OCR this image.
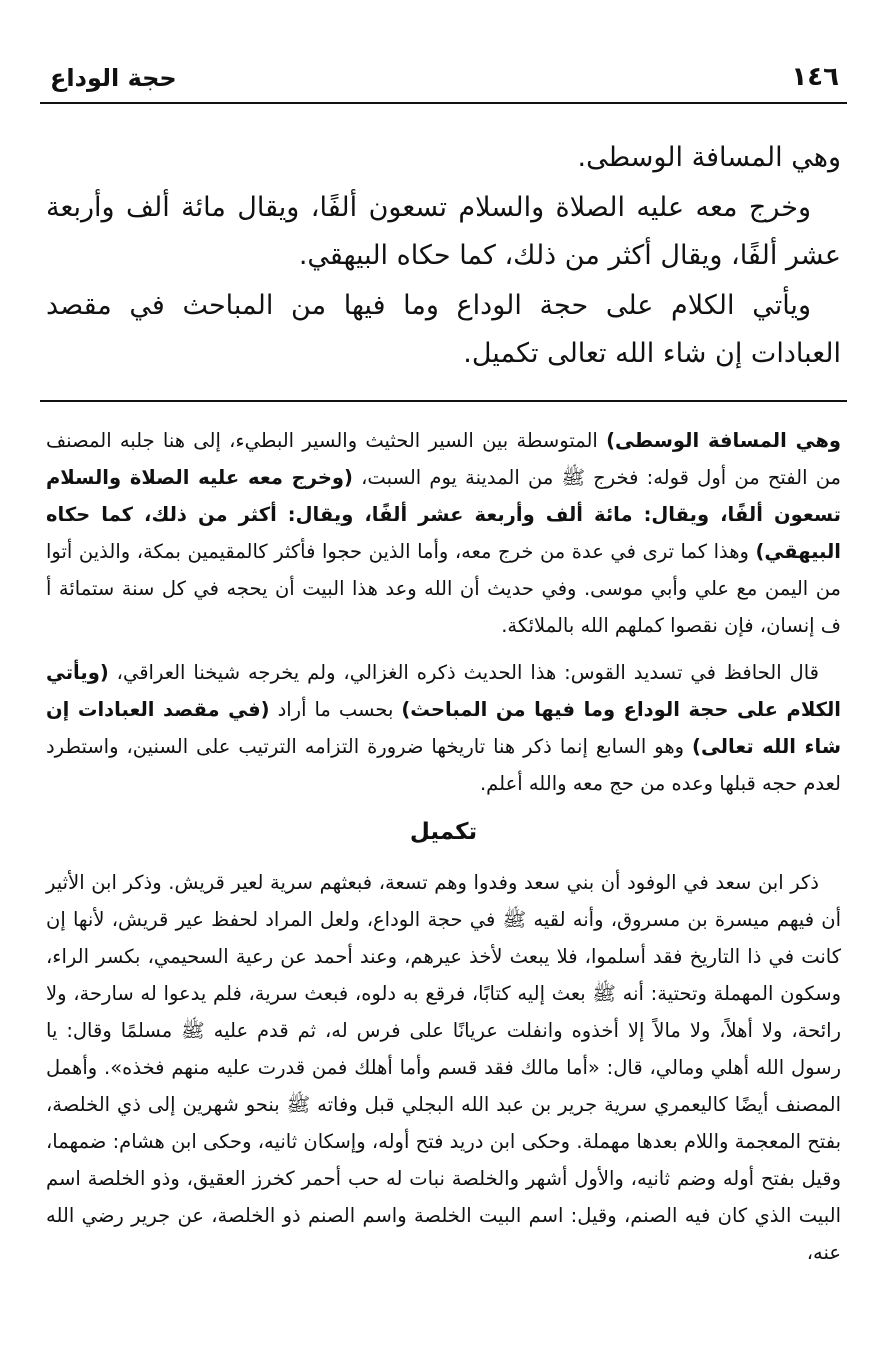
١٤٦
حجة الوداع

وهي المسافة الوسطى.

وخرج معه عليه الصلاة والسلام تسعون ألفًا، ويقال مائة ألف وأربعة عشر ألفًا، ويقال أكثر من ذلك، كما حكاه البيهقي.

ويأتي الكلام على حجة الوداع وما فيها من المباحث في مقصد العبادات إن شاء الله تعالى تكميل.

وهي المسافة الوسطى) المتوسطة بين السير الحثيث والسير البطيء، إلى هنا جلبه المصنف من الفتح من أول قوله: فخرج ﷺ من المدينة يوم السبت، (وخرج معه عليه الصلاة والسلام تسعون ألفًا، ويقال: مائة ألف وأربعة عشر ألفًا، ويقال: أكثر من ذلك، كما حكاه البيهقي) وهذا كما ترى في عدة من خرج معه، وأما الذين حجوا فأكثر كالمقيمين بمكة، والذين أتوا من اليمن مع علي وأبي موسى. وفي حديث أن الله وعد هذا البيت أن يحجه في كل سنة ستمائة أ ف إنسان، فإن نقصوا كملهم الله بالملائكة.

قال الحافظ في تسديد القوس: هذا الحديث ذكره الغزالي، ولم يخرجه شيخنا العراقي، (ويأتي الكلام على حجة الوداع وما فيها من المباحث) بحسب ما أراد (في مقصد العبادات إن شاء الله تعالى) وهو السابع إنما ذكر هنا تاريخها ضرورة التزامه الترتيب على السنين، واستطرد لعدم حجه قبلها وعده من حج معه والله أعلم.

تكميل

ذكر ابن سعد في الوفود أن بني سعد وفدوا وهم تسعة، فبعثهم سرية لعير قريش. وذكر ابن الأثير أن فيهم ميسرة بن مسروق، وأنه لقيه ﷺ في حجة الوداع، ولعل المراد لحفظ عير قريش، لأنها إن كانت في ذا التاريخ فقد أسلموا، فلا يبعث لأخذ عيرهم، وعند أحمد عن رعية السحيمي، بكسر الراء، وسكون المهملة وتحتية: أنه ﷺ بعث إليه كتابًا، فرقع به دلوه، فبعث سرية، فلم يدعوا له سارحة، ولا رائحة، ولا أهلاً، ولا مالاً إلا أخذوه وانفلت عريانًا على فرس له، ثم قدم عليه ﷺ مسلمًا وقال: يا رسول الله أهلي ومالي، قال: «أما مالك فقد قسم وأما أهلك فمن قدرت عليه منهم فخذه». وأهمل المصنف أيضًا كاليعمري سرية جرير بن عبد الله البجلي قبل وفاته ﷺ بنحو شهرين إلى ذي الخلصة، بفتح المعجمة واللام بعدها مهملة. وحكى ابن دريد فتح أوله، وإسكان ثانيه، وحكى ابن هشام: ضمهما، وقيل بفتح أوله وضم ثانيه، والأول أشهر والخلصة نبات له حب أحمر كخرز العقيق، وذو الخلصة اسم البيت الذي كان فيه الصنم، وقيل: اسم البيت الخلصة واسم الصنم ذو الخلصة، عن جرير رضي الله عنه،
